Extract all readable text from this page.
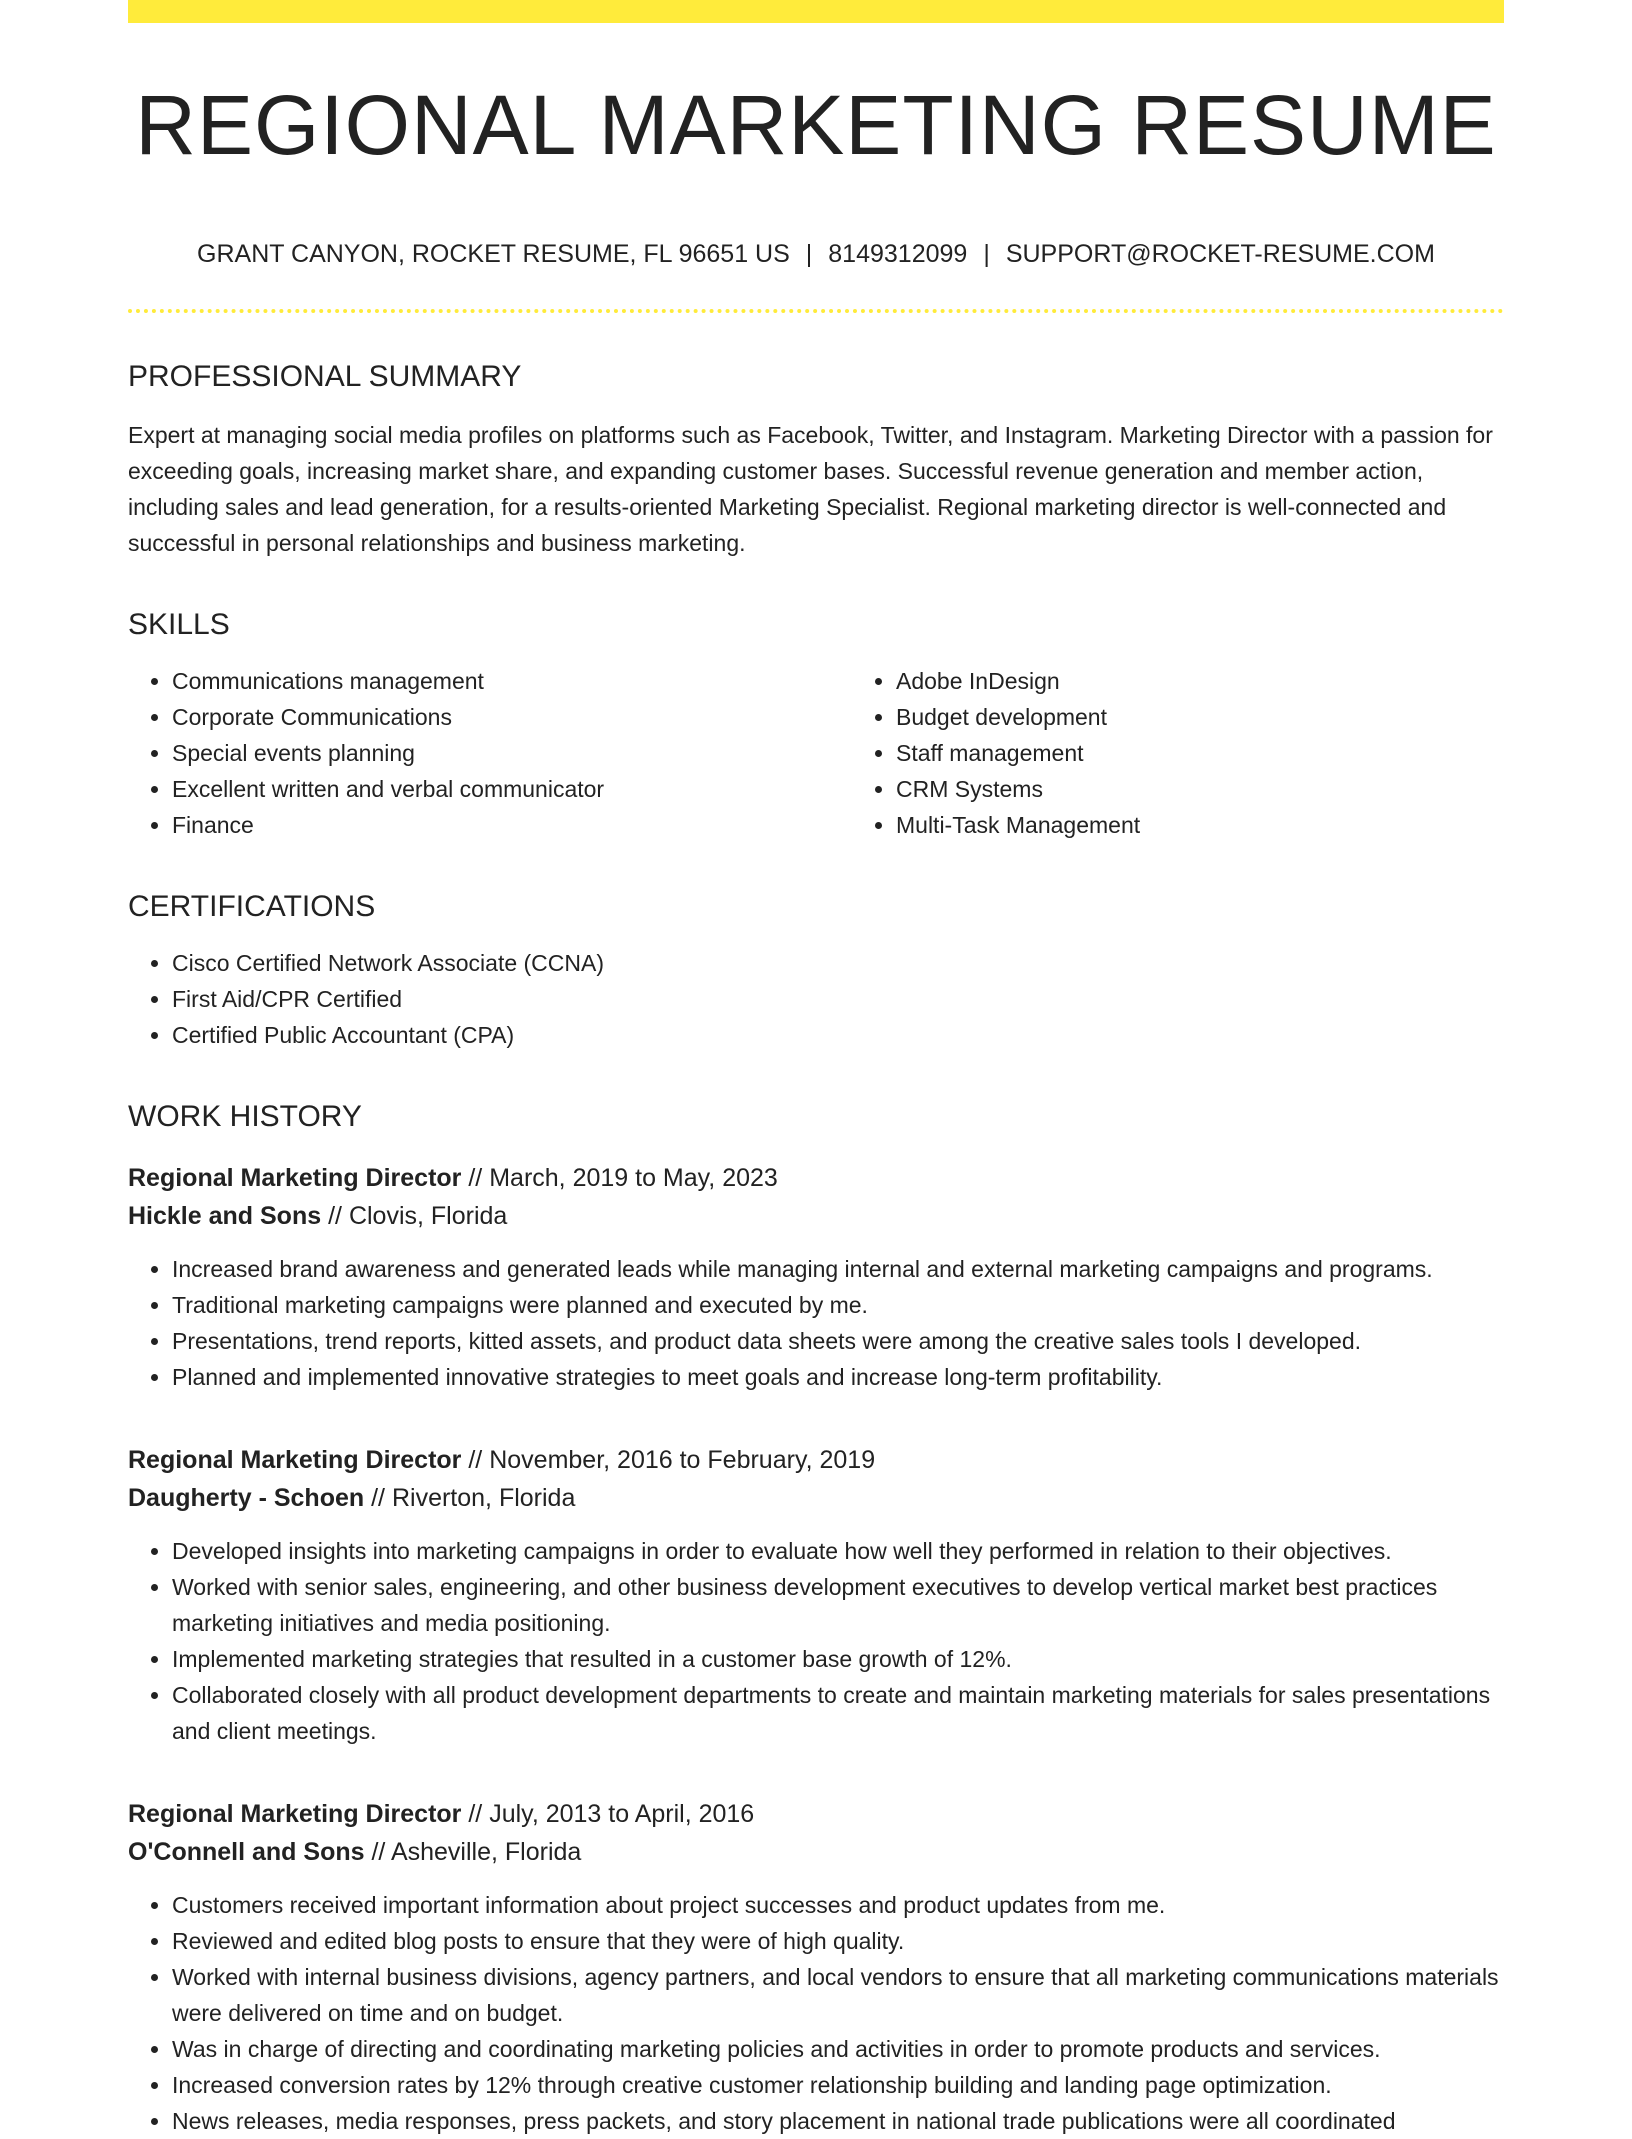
REGIONAL MARKETING RESUME
GRANT CANYON, ROCKET RESUME, FL 96651 US | 8149312099 | SUPPORT@ROCKET-RESUME.COM
PROFESSIONAL SUMMARY

Expert at managing social media profiles on platforms such as Facebook, Twitter, and Instagram. Marketing Director with a passion for exceeding goals, increasing market share, and expanding customer bases. Successful revenue generation and member action, including sales and lead generation, for a results-oriented Marketing Specialist. Regional marketing director is well-connected and successful in personal relationships and business marketing.

SKILLS
• Communications management
• Corporate Communications
• Special events planning
• Excellent written and verbal communicator
• Finance
• Adobe InDesign
• Budget development
• Staff management
• CRM Systems
• Multi-Task Management
CERTIFICATIONS
• Cisco Certified Network Associate (CCNA)
• First Aid/CPR Certified
• Certified Public Accountant (CPA)
WORK HISTORY

Regional Marketing Director // March, 2019 to May, 2023

Hickle and Sons // Clovis, Florida

• Increased brand awareness and generated leads while managing internal and external marketing campaigns and programs.
• Traditional marketing campaigns were planned and executed by me.
• Presentations, trend reports, kitted assets, and product data sheets were among the creative sales tools I developed.
• Planned and implemented innovative strategies to meet goals and increase long-term profitability.

Regional Marketing Director // November, 2016 to February, 2019

Daugherty - Schoen // Riverton, Florida

• Developed insights into marketing campaigns in order to evaluate how well they performed in relation to their objectives.
• Worked with senior sales, engineering, and other business development executives to develop vertical market best practices marketing initiatives and media positioning.
• Implemented marketing strategies that resulted in a customer base growth of 12%.
• Collaborated closely with all product development departments to create and maintain marketing materials for sales presentations and client meetings.

Regional Marketing Director // July, 2013 to April, 2016

O'Connell and Sons // Asheville, Florida

• Customers received important information about project successes and product updates from me.
• Reviewed and edited blog posts to ensure that they were of high quality.
• Worked with internal business divisions, agency partners, and local vendors to ensure that all marketing communications materials were delivered on time and on budget.
• Was in charge of directing and coordinating marketing policies and activities in order to promote products and services.
• Increased conversion rates by 12% through creative customer relationship building and landing page optimization.
• News releases, media responses, press packets, and story placement in national trade publications were all coordinated
